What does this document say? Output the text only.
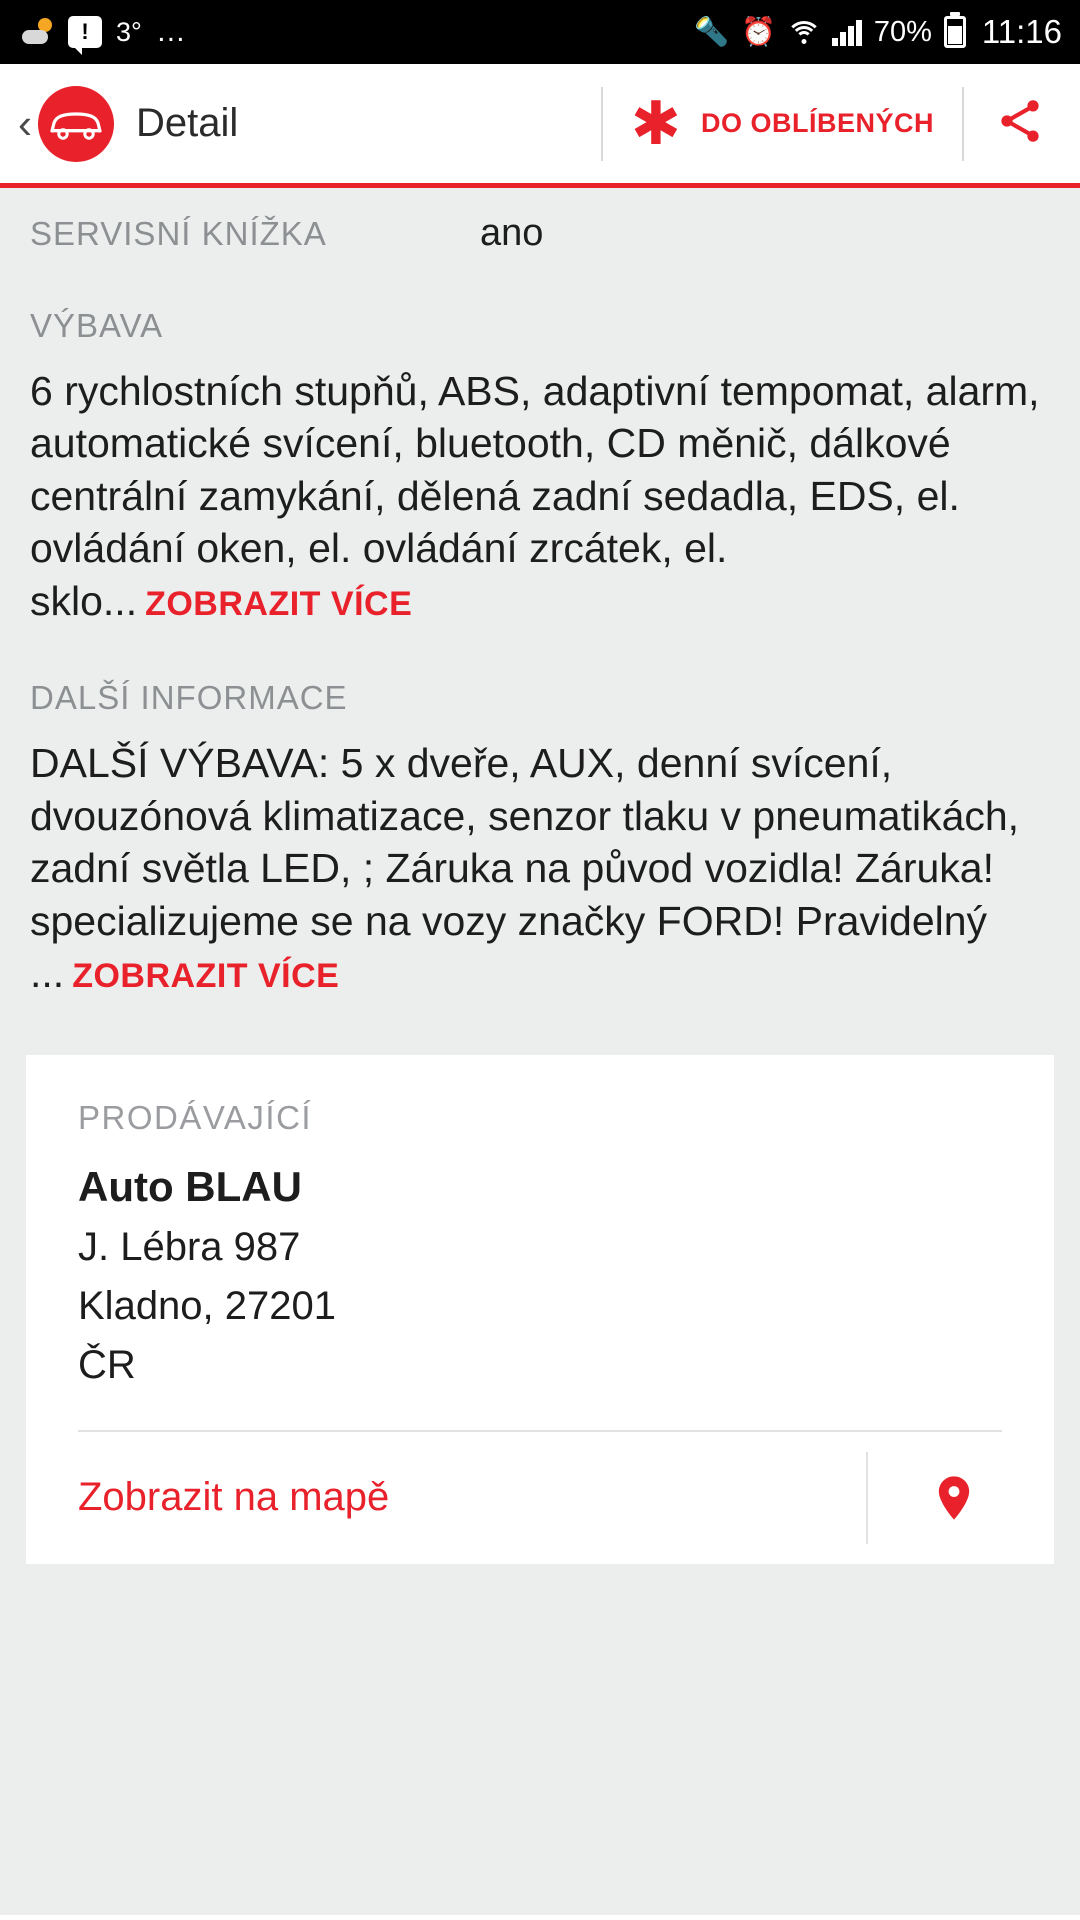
!	3° …	🔦 ⏰	70% 11:16
‹	Detail	✱ DO OBLÍBENÝCH
SERVISNÍ KNÍŽKA	ano
VÝBAVA
6 rychlostních stupňů, ABS, adaptivní tempomat, alarm, automatické svícení, bluetooth, CD měnič, dálkové centrální zamykání, dělená zadní sedadla, EDS, el. ovládání oken, el. ovládání zrcátek, el. sklo... ZOBRAZIT VÍCE
DALŠÍ INFORMACE
DALŠÍ VÝBAVA: 5 x dveře, AUX, denní svícení, dvouzónová klimatizace, senzor tlaku v pneumatikách, zadní světla LED, ; Záruka na původ vozidla! Záruka! specializujeme se na vozy značky FORD! Pravidelný ... ZOBRAZIT VÍCE
PRODÁVAJÍCÍ
Auto BLAU
J. Lébra 987
Kladno, 27201
ČR
Zobrazit na mapě
